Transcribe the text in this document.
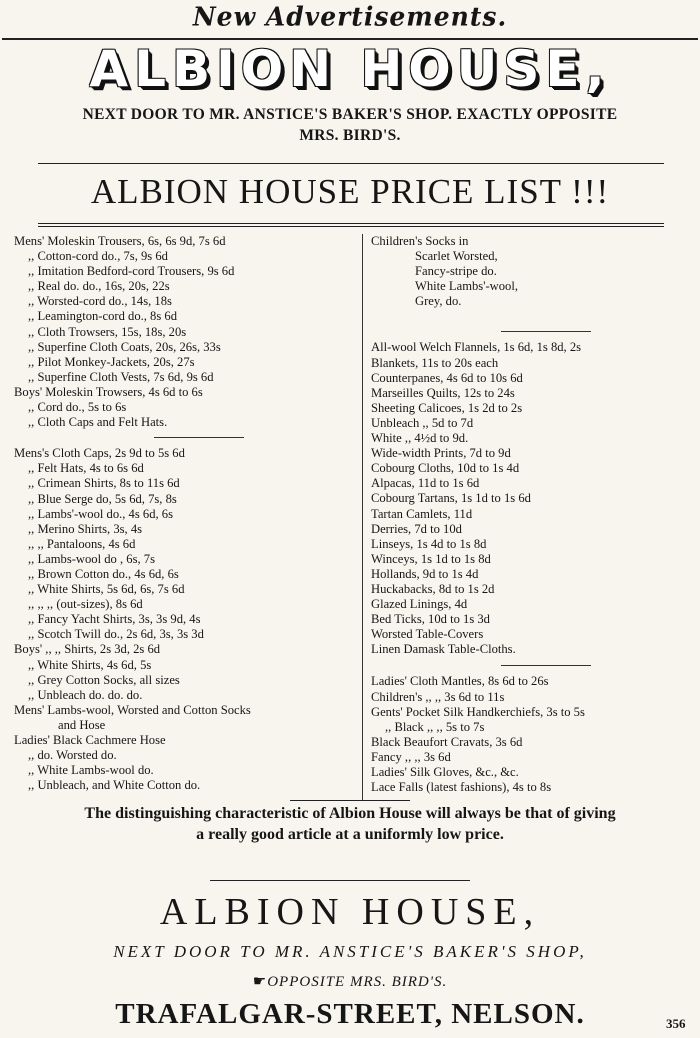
New Advertisements.
ALBION HOUSE,
NEXT DOOR TO MR. ANSTICE'S BAKER'S SHOP. EXACTLY OPPOSITE
MRS. BIRD'S.
ALBION HOUSE PRICE LIST !!!
Mens' Moleskin Trousers, 6s, 6s 9d, 7s 6d
,, Cotton-cord do., 7s, 9s 6d
,, Imitation Bedford-cord Trousers, 9s 6d
,, Real do. do., 16s, 20s, 22s
,, Worsted-cord do., 14s, 18s
,, Leamington-cord do., 8s 6d
,, Cloth Trowsers, 15s, 18s, 20s
,, Superfine Cloth Coats, 20s, 26s, 33s
,, Pilot Monkey-Jackets, 20s, 27s
,, Superfine Cloth Vests, 7s 6d, 9s 6d
Boys' Moleskin Trowsers, 4s 6d to 6s
,, Cord do., 5s to 6s
,, Cloth Caps and Felt Hats.
Mens's Cloth Caps, 2s 9d to 5s 6d
,, Felt Hats, 4s to 6s 6d
,, Crimean Shirts, 8s to 11s 6d
,, Blue Serge do, 5s 6d, 7s, 8s
,, Lambs'-wool do., 4s 6d, 6s
,, Merino Shirts, 3s, 4s
,, ,, Pantaloons, 4s 6d
,, Lambs-wool do , 6s, 7s
,, Brown Cotton do., 4s 6d, 6s
,, White Shirts, 5s 6d, 6s, 7s 6d
,, ,, ,, (out-sizes), 8s 6d
,, Fancy Yacht Shirts, 3s, 3s 9d, 4s
,, Scotch Twill do., 2s 6d, 3s, 3s 3d
Boys' ,, ,, Shirts, 2s 3d, 2s 6d
,, White Shirts, 4s 6d, 5s
,, Grey Cotton Socks, all sizes
,, Unbleach do. do. do.
Mens' Lambs-wool, Worsted and Cotton Socks
and Hose
Ladies' Black Cachmere Hose
,, do. Worsted do.
,, White Lambs-wool do.
,, Unbleach, and White Cotton do.
Children's Socks in
Scarlet Worsted,
Fancy-stripe do.
White Lambs'-wool,
Grey, do.
All-wool Welch Flannels, 1s 6d, 1s 8d, 2s
Blankets, 11s to 20s each
Counterpanes, 4s 6d to 10s 6d
Marseilles Quilts, 12s to 24s
Sheeting Calicoes, 1s 2d to 2s
Unbleach ,, 5d to 7d
White ,, 4½d to 9d.
Wide-width Prints, 7d to 9d
Cobourg Cloths, 10d to 1s 4d
Alpacas, 11d to 1s 6d
Cobourg Tartans, 1s 1d to 1s 6d
Tartan Camlets, 11d
Derries, 7d to 10d
Linseys, 1s 4d to 1s 8d
Winceys, 1s 1d to 1s 8d
Hollands, 9d to 1s 4d
Huckabacks, 8d to 1s 2d
Glazed Linings, 4d
Bed Ticks, 10d to 1s 3d
Worsted Table-Covers
Linen Damask Table-Cloths.
Ladies' Cloth Mantles, 8s 6d to 26s
Children's ,, ,, 3s 6d to 11s
Gents' Pocket Silk Handkerchiefs, 3s to 5s
,, Black ,, ,, 5s to 7s
Black Beaufort Cravats, 3s 6d
Fancy ,, ,, 3s 6d
Ladies' Silk Gloves, &c., &c.
Lace Falls (latest fashions), 4s to 8s
The distinguishing characteristic of Albion House will always be that of giving
a really good article at a uniformly low price.
ALBION HOUSE,
NEXT DOOR TO MR. ANSTICE'S BAKER'S SHOP,
☛OPPOSITE MRS. BIRD'S.
TRAFALGAR-STREET, NELSON.	356
